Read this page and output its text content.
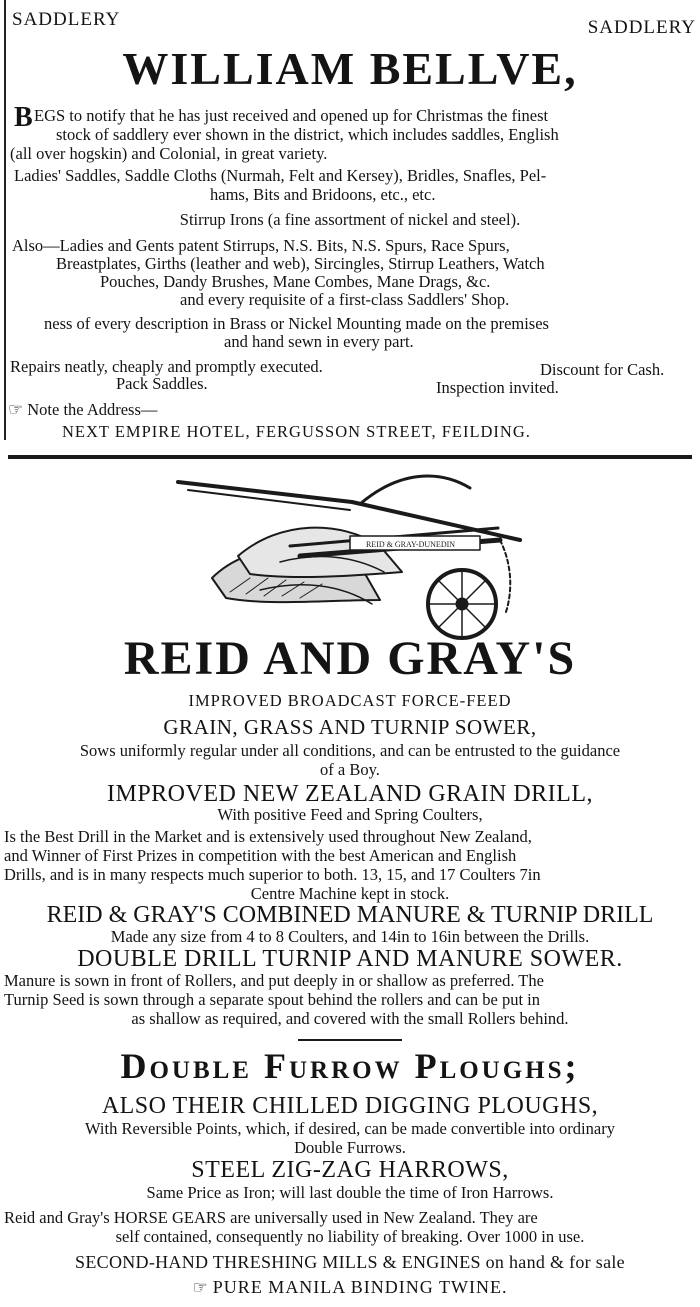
SADDLERY	SADDLERY
WILLIAM BELLVE,
B EGS to notify that he has just received and opened up for Christmas the finest
stock of saddlery ever shown in the district, which includes saddles, English
(all over hogskin) and Colonial, in great variety.
Ladies' Saddles, Saddle Cloths (Nurmah, Felt and Kersey), Bridles, Snafles, Pel-
hams, Bits and Bridoons, etc., etc.
Stirrup Irons (a fine assortment of nickel and steel).
Also—Ladies and Gents patent Stirrups, N.S. Bits, N.S. Spurs, Race Spurs,
Breastplates, Girths (leather and web), Sircingles, Stirrup Leathers, Watch
Pouches, Dandy Brushes, Mane Combes, Mane Drags, &c.
and every requisite of a first-class Saddlers' Shop.
ness of every description in Brass or Nickel Mounting made on the premises
and hand sewn in every part.
Repairs neatly, cheaply and promptly executed.	Discount for Cash.
Pack Saddles.	Inspection invited.
☞ Note the Address—
NEXT EMPIRE HOTEL, FERGUSSON STREET, FEILDING.
REID & GRAY-DUNEDIN
REID AND GRAY'S
IMPROVED BROADCAST FORCE-FEED
GRAIN, GRASS AND TURNIP SOWER,
Sows uniformly regular under all conditions, and can be entrusted to the guidance
of a Boy.
IMPROVED NEW ZEALAND GRAIN DRILL,
With positive Feed and Spring Coulters,
Is the Best Drill in the Market and is extensively used throughout New Zealand,
and Winner of First Prizes in competition with the best American and English
Drills, and is in many respects much superior to both. 13, 15, and 17 Coulters 7in
Centre Machine kept in stock.
REID & GRAY'S COMBINED MANURE & TURNIP DRILL
Made any size from 4 to 8 Coulters, and 14in to 16in between the Drills.
DOUBLE DRILL TURNIP AND MANURE SOWER.
Manure is sown in front of Rollers, and put deeply in or shallow as preferred. The
Turnip Seed is sown through a separate spout behind the rollers and can be put in
as shallow as required, and covered with the small Rollers behind.
Double Furrow Ploughs;
ALSO THEIR CHILLED DIGGING PLOUGHS,
With Reversible Points, which, if desired, can be made convertible into ordinary
Double Furrows.
STEEL ZIG-ZAG HARROWS,
Same Price as Iron; will last double the time of Iron Harrows.
Reid and Gray's HORSE GEARS are universally used in New Zealand. They are
self contained, consequently no liability of breaking. Over 1000 in use.
SECOND-HAND THRESHING MILLS & ENGINES on hand & for sale
☞ PURE MANILA BINDING TWINE.
